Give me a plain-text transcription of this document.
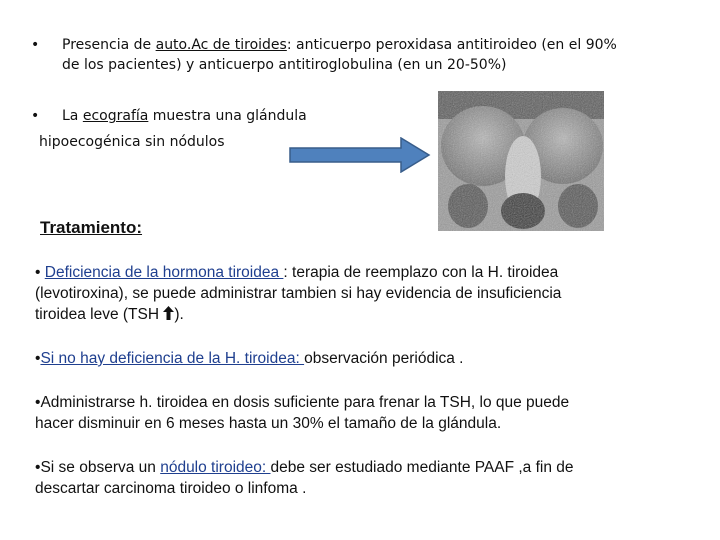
• Presencia de auto.Ac de tiroides: anticuerpo peroxidasa antitiroideo (en el 90%
de los pacientes) y anticuerpo antitiroglobulina (en un 20-50%)
• La ecografía muestra una glándula
hipoecogénica sin nódulos
Tratamiento:
• Deficiencia de la hormona tiroidea : terapia de reemplazo con la H. tiroidea
(levotiroxina), se puede administrar tambien si hay evidencia de insuficiencia
tiroidea leve (TSH ).
•Si no hay deficiencia de la H. tiroidea: observación periódica .
•Administrarse h. tiroidea en dosis suficiente para frenar la TSH, lo que puede
hacer disminuir en 6 meses hasta un 30% el tamaño de la glándula.
•Si se observa un nódulo tiroideo: debe ser estudiado mediante PAAF ,a fin de
descartar carcinoma tiroideo o linfoma .
